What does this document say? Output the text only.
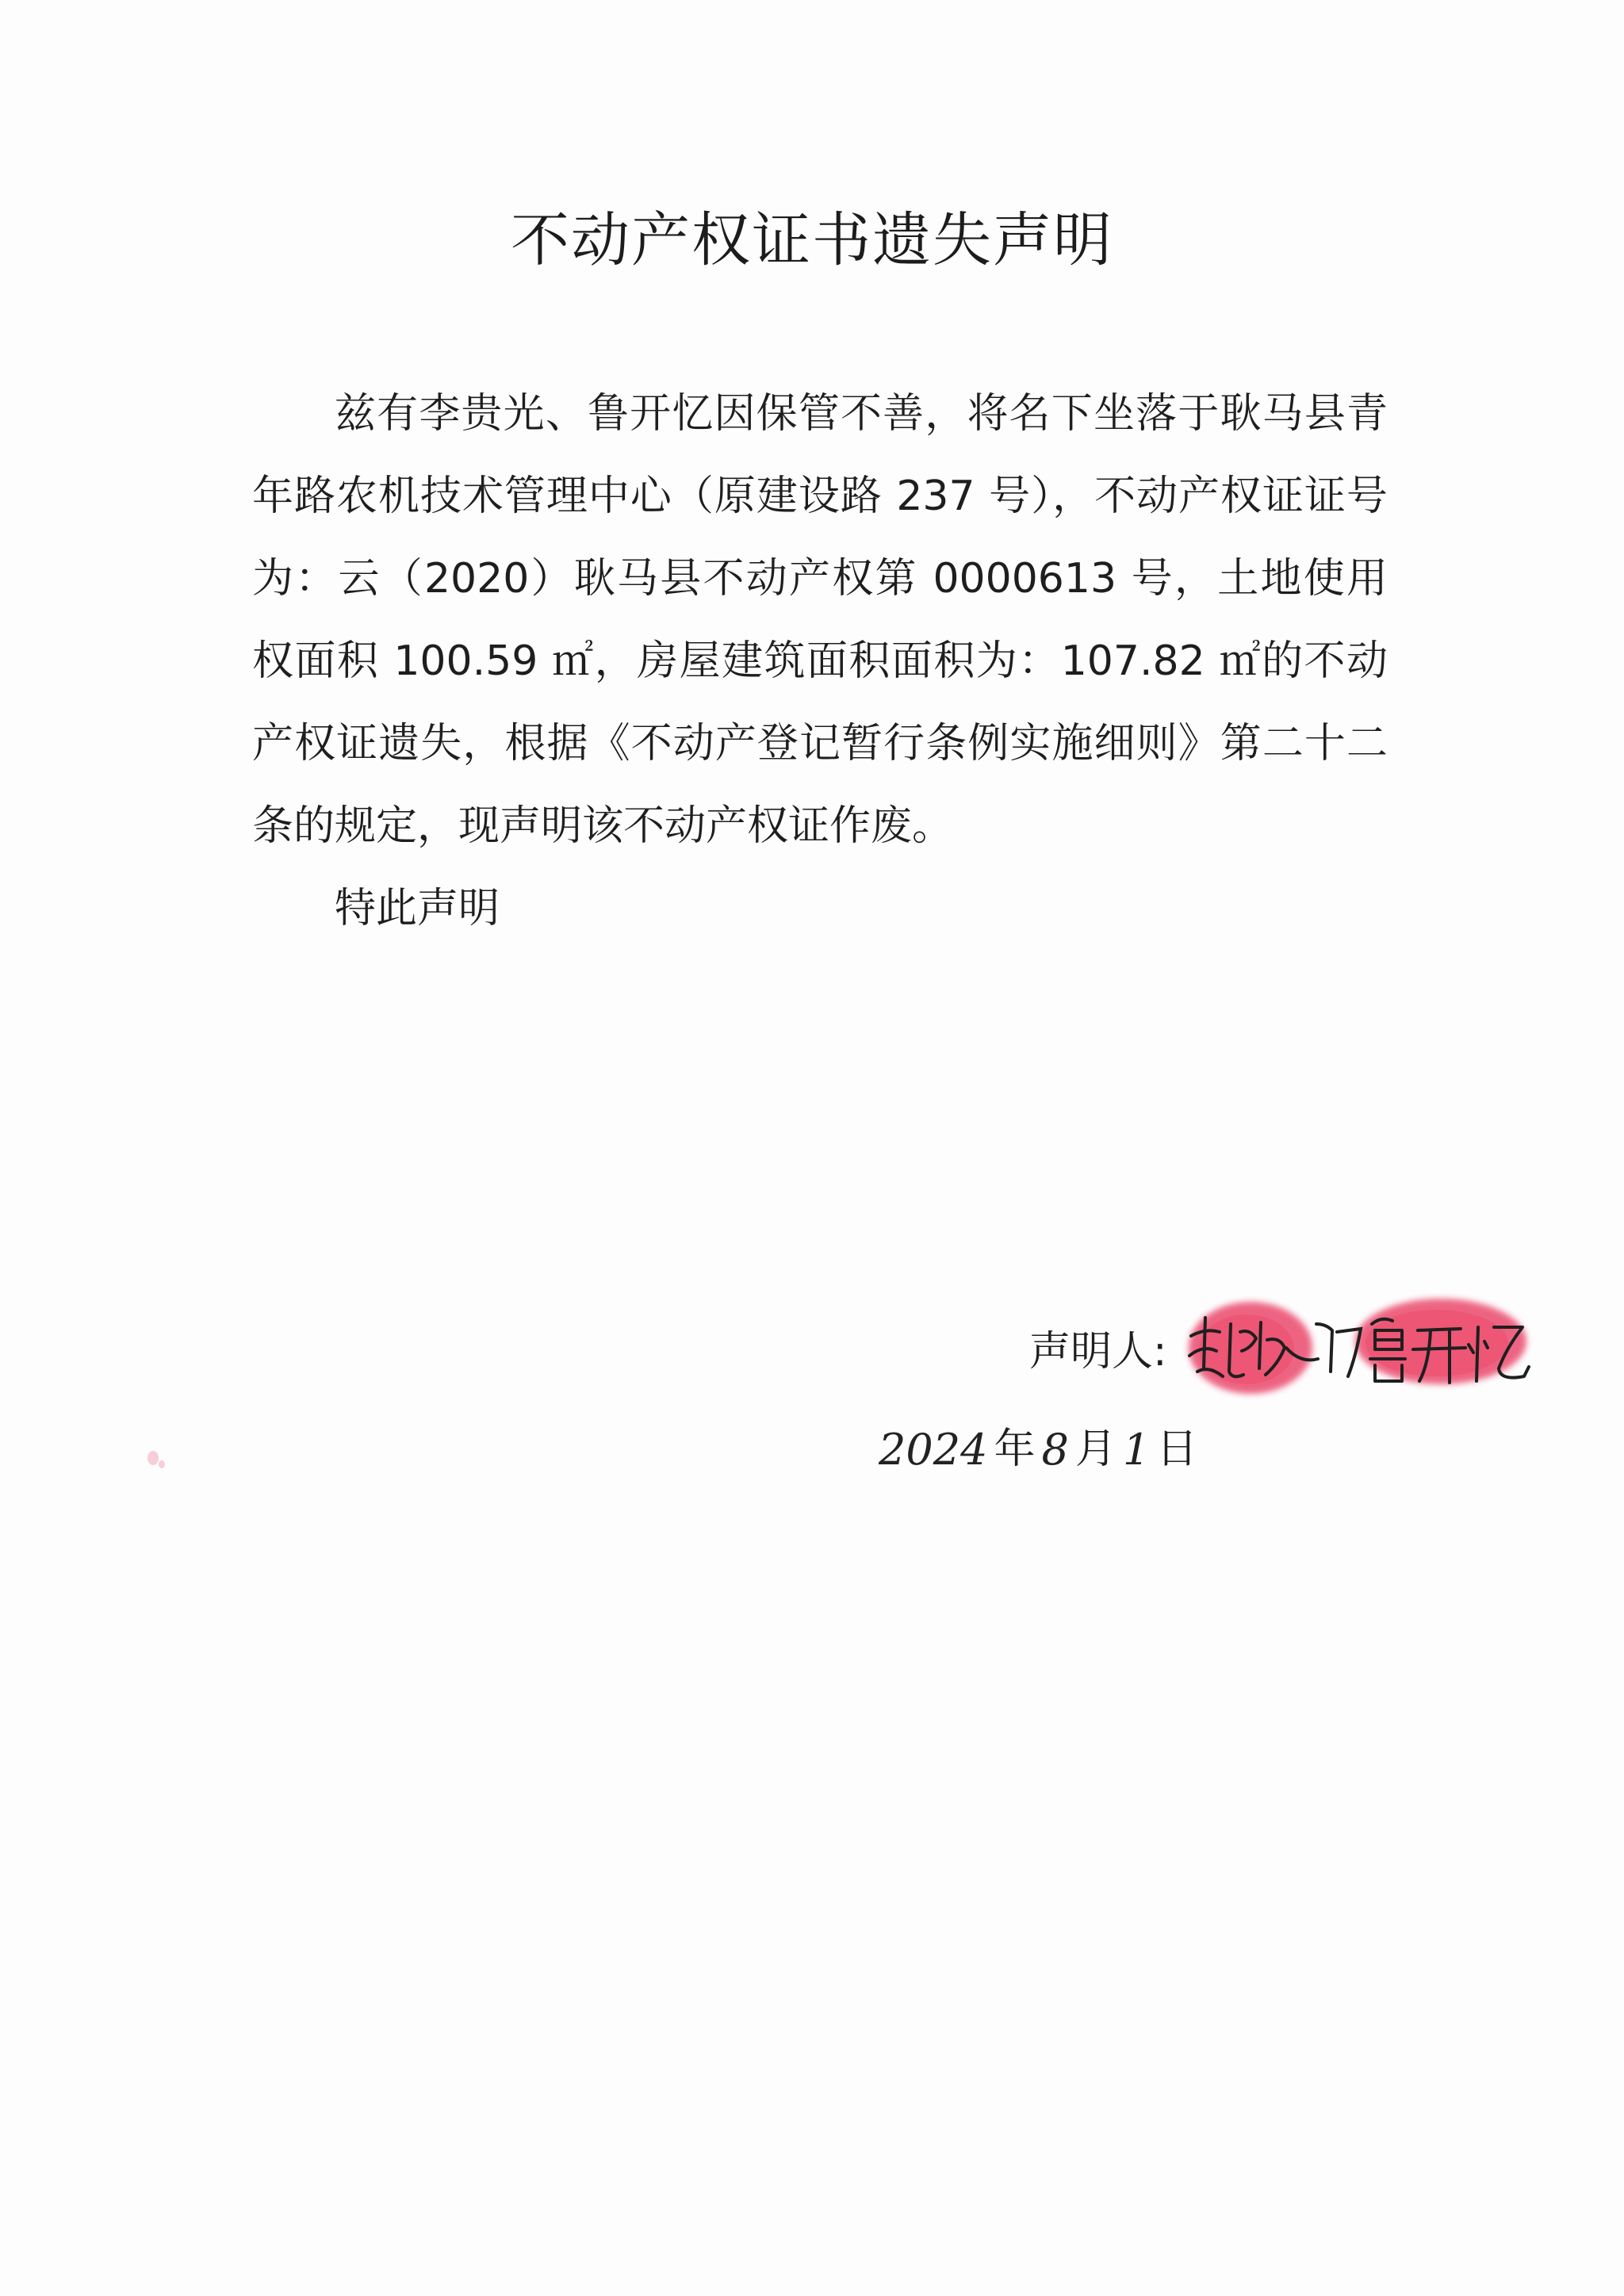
不动产权证书遗失声明

兹有李贵光、鲁开忆因保管不善，将名下坐落于耿马县青年路农机技术管理中心（原建设路 237 号），不动产权证证号为：云（2020）耿马县不动产权第 0000613 号，土地使用权面积 100.59 ㎡，房屋建筑面积面积为：107.82 ㎡的不动产权证遗失，根据《不动产登记暂行条例实施细则》第二十二条的规定，现声明该不动产权证作废。

特此声明

声明人:
2024 年 8 月 1 日
